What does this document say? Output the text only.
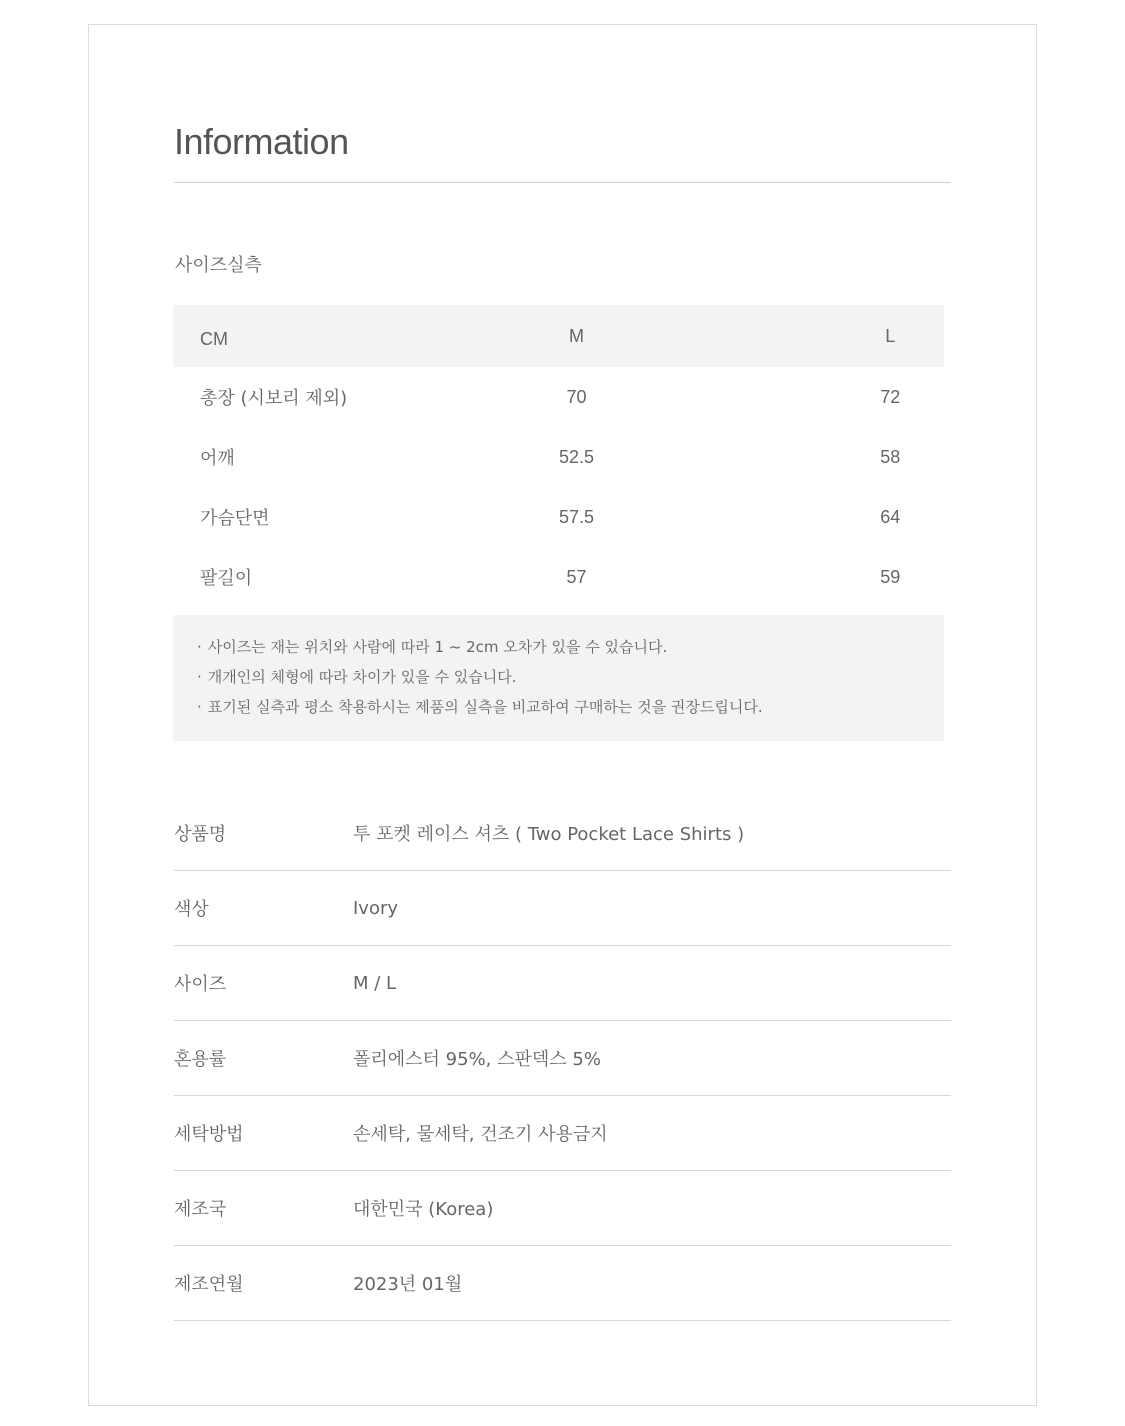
Information
사이즈실측
CM	M		L
총장 (시보리 제외)	70		72
어깨	52.5		58
가슴단면	57.5		64
팔길이	57		59
· 사이즈는 재는 위치와 사람에 따라 1 ~ 2cm 오차가 있을 수 있습니다.
· 개개인의 체형에 따라 차이가 있을 수 있습니다.
· 표기된 실측과 평소 착용하시는 제품의 실측을 비교하여 구매하는 것을 권장드립니다.
상품명	투 포켓 레이스 셔츠 ( Two Pocket Lace Shirts )
색상	Ivory
사이즈	M / L
혼용률	폴리에스터 95%, 스판덱스 5%
세탁방법	손세탁, 물세탁, 건조기 사용금지
제조국	대한민국 (Korea)
제조연월	2023년 01월
